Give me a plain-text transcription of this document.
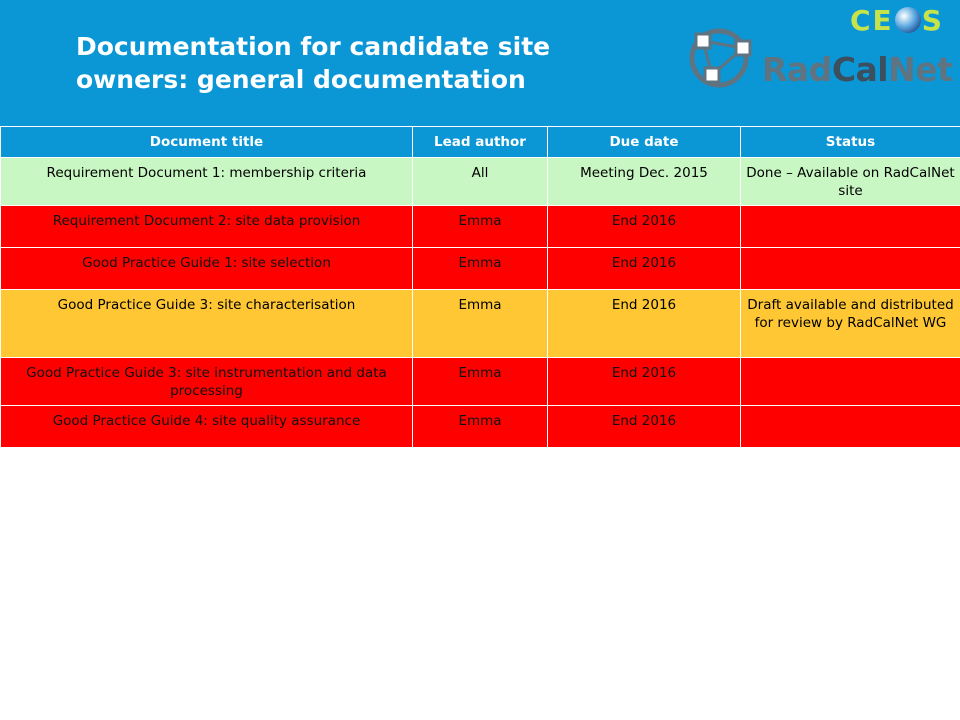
Documentation for candidate site
owners: general documentation
CE S
RadCalNet
Document title	Lead author	Due date	Status
Requirement Document 1: membership criteria	All	Meeting Dec. 2015	Done – Available on RadCalNet site
Requirement Document 2: site data provision	Emma	End 2016	
Good Practice Guide 1: site selection	Emma	End 2016	
Good Practice Guide 3: site characterisation	Emma	End 2016	Draft available and distributed for review by RadCalNet WG
Good Practice Guide 3: site instrumentation and data processing	Emma	End 2016	
Good Practice Guide 4: site quality assurance	Emma	End 2016	
